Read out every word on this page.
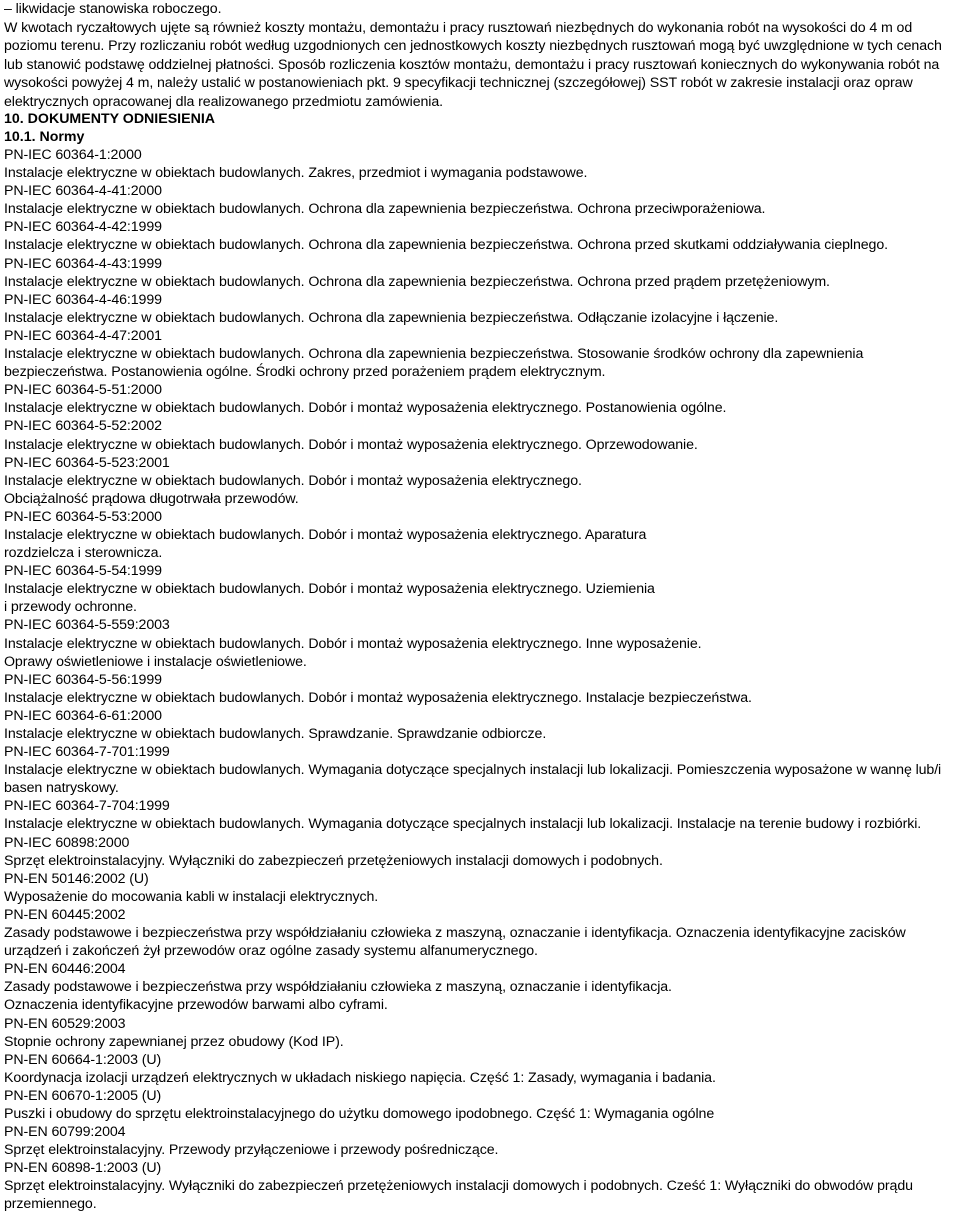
– likwidacje stanowiska roboczego.

W kwotach ryczałtowych ujęte są również koszty montażu, demontażu i pracy rusztowań niezbędnych do wykonania robót na wysokości do 4 m od poziomu terenu. Przy rozliczaniu robót według uzgodnionych cen jednostkowych koszty niezbędnych rusztowań mogą być uwzględnione w tych cenach lub stanowić podstawę oddzielnej płatności. Sposób rozliczenia kosztów montażu, demontażu i pracy rusztowań koniecznych do wykonywania robót na wysokości powyżej 4 m, należy ustalić w postanowieniach pkt. 9 specyfikacji technicznej (szczegółowej) SST robót w zakresie instalacji oraz opraw elektrycznych opracowanej dla realizowanego przedmiotu zamówienia.

10. DOKUMENTY ODNIESIENIA

10.1. Normy

PN-IEC 60364-1:2000
Instalacje elektryczne w obiektach budowlanych. Zakres, przedmiot i wymagania podstawowe.
PN-IEC 60364-4-41:2000
Instalacje elektryczne w obiektach budowlanych. Ochrona dla zapewnienia bezpieczeństwa. Ochrona przeciwporażeniowa.
PN-IEC 60364-4-42:1999
Instalacje elektryczne w obiektach budowlanych. Ochrona dla zapewnienia bezpieczeństwa. Ochrona przed skutkami oddziaływania cieplnego.
PN-IEC 60364-4-43:1999
Instalacje elektryczne w obiektach budowlanych. Ochrona dla zapewnienia bezpieczeństwa. Ochrona przed prądem przetężeniowym.
PN-IEC 60364-4-46:1999
Instalacje elektryczne w obiektach budowlanych. Ochrona dla zapewnienia bezpieczeństwa. Odłączanie izolacyjne i łączenie.
PN-IEC 60364-4-47:2001
Instalacje elektryczne w obiektach budowlanych. Ochrona dla zapewnienia bezpieczeństwa. Stosowanie środków ochrony dla zapewnienia bezpieczeństwa. Postanowienia ogólne. Środki ochrony przed porażeniem prądem elektrycznym.
PN-IEC 60364-5-51:2000
Instalacje elektryczne w obiektach budowlanych. Dobór i montaż wyposażenia elektrycznego. Postanowienia ogólne.
PN-IEC 60364-5-52:2002
Instalacje elektryczne w obiektach budowlanych. Dobór i montaż wyposażenia elektrycznego. Oprzewodowanie.
PN-IEC 60364-5-523:2001
Instalacje elektryczne w obiektach budowlanych. Dobór i montaż wyposażenia elektrycznego.
Obciążalność prądowa długotrwała przewodów.
PN-IEC 60364-5-53:2000
Instalacje elektryczne w obiektach budowlanych. Dobór i montaż wyposażenia elektrycznego. Aparatura
rozdzielcza i sterownicza.
PN-IEC 60364-5-54:1999
Instalacje elektryczne w obiektach budowlanych. Dobór i montaż wyposażenia elektrycznego. Uziemienia
i przewody ochronne.
PN-IEC 60364-5-559:2003
Instalacje elektryczne w obiektach budowlanych. Dobór i montaż wyposażenia elektrycznego. Inne wyposażenie.
Oprawy oświetleniowe i instalacje oświetleniowe.
PN-IEC 60364-5-56:1999
Instalacje elektryczne w obiektach budowlanych. Dobór i montaż wyposażenia elektrycznego. Instalacje bezpieczeństwa.
PN-IEC 60364-6-61:2000
Instalacje elektryczne w obiektach budowlanych. Sprawdzanie. Sprawdzanie odbiorcze.
PN-IEC 60364-7-701:1999
Instalacje elektryczne w obiektach budowlanych. Wymagania dotyczące specjalnych instalacji lub lokalizacji. Pomieszczenia wyposażone w wannę lub/i basen natryskowy.
PN-IEC 60364-7-704:1999
Instalacje elektryczne w obiektach budowlanych. Wymagania dotyczące specjalnych instalacji lub lokalizacji. Instalacje na terenie budowy i rozbiórki.
PN-IEC 60898:2000
Sprzęt elektroinstalacyjny. Wyłączniki do zabezpieczeń przetężeniowych instalacji domowych i podobnych.
PN-EN 50146:2002 (U)
Wyposażenie do mocowania kabli w instalacji elektrycznych.
PN-EN 60445:2002
Zasady podstawowe i bezpieczeństwa przy współdziałaniu człowieka z maszyną, oznaczanie i identyfikacja. Oznaczenia identyfikacyjne zacisków urządzeń i zakończeń żył przewodów oraz ogólne zasady systemu alfanumerycznego.
PN-EN 60446:2004
Zasady podstawowe i bezpieczeństwa przy współdziałaniu człowieka z maszyną, oznaczanie i identyfikacja.
Oznaczenia identyfikacyjne przewodów barwami albo cyframi.
PN-EN 60529:2003
Stopnie ochrony zapewnianej przez obudowy (Kod IP).
PN-EN 60664-1:2003 (U)
Koordynacja izolacji urządzeń elektrycznych w układach niskiego napięcia. Część 1: Zasady, wymagania i badania.
PN-EN 60670-1:2005 (U)
Puszki i obudowy do sprzętu elektroinstalacyjnego do użytku domowego ipodobnego. Część 1: Wymagania ogólne
PN-EN 60799:2004
Sprzęt elektroinstalacyjny. Przewody przyłączeniowe i przewody pośredniczące.
PN-EN 60898-1:2003 (U)
Sprzęt elektroinstalacyjny. Wyłączniki do zabezpieczeń przetężeniowych instalacji domowych i podobnych. Cześć 1: Wyłączniki do obwodów prądu przemiennego.
